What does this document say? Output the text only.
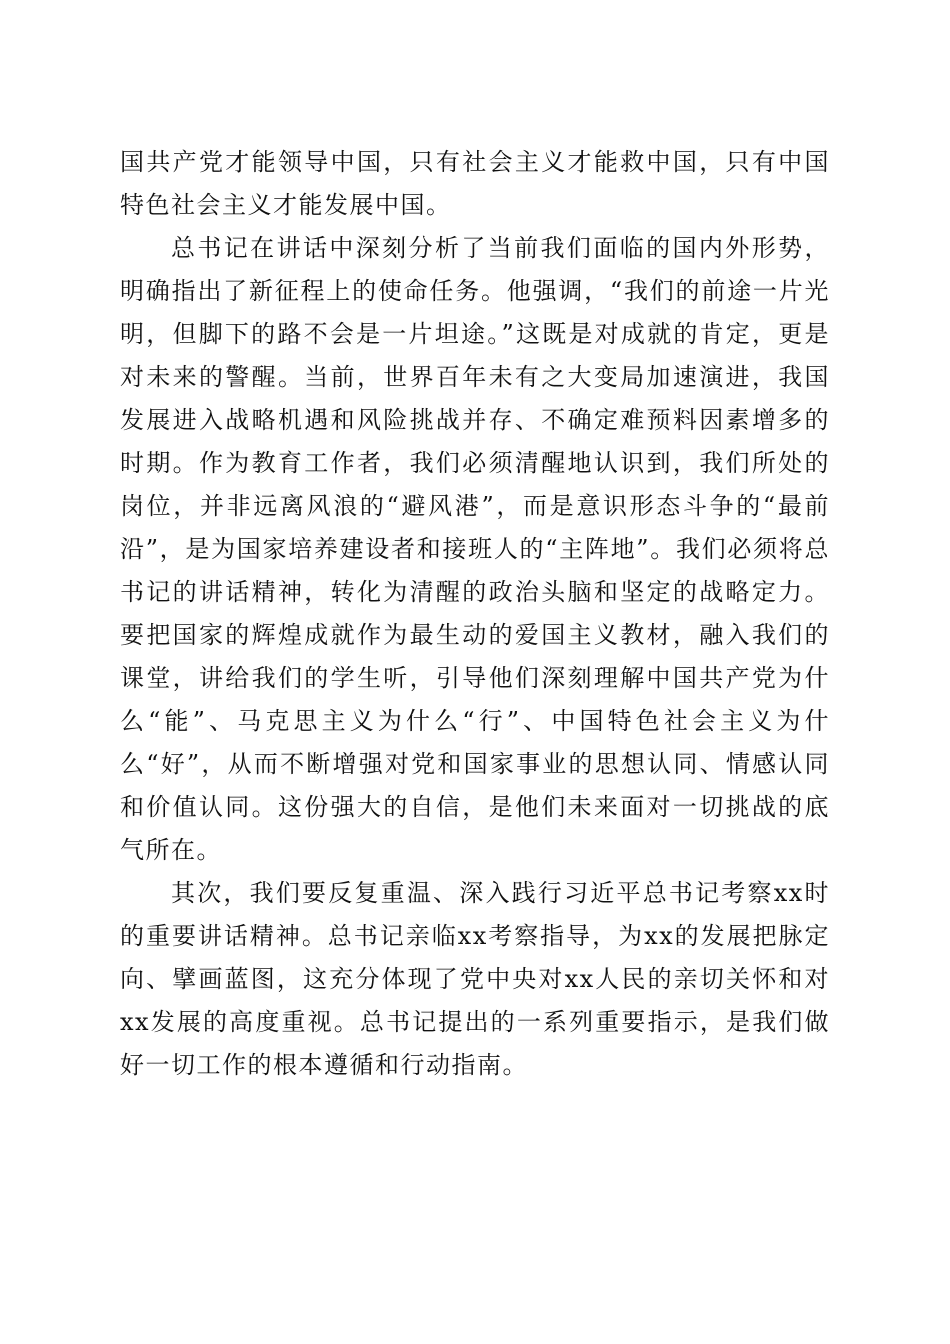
国共产党才能领导中国，只有社会主义才能救中国，只有中国特色社会主义才能发展中国。

总书记在讲话中深刻分析了当前我们面临的国内外形势，明确指出了新征程上的使命任务。他强调，“我们的前途一片光明，但脚下的路不会是一片坦途。”这既是对成就的肯定，更是对未来的警醒。当前，世界百年未有之大变局加速演进，我国发展进入战略机遇和风险挑战并存、不确定难预料因素增多的时期。作为教育工作者，我们必须清醒地认识到，我们所处的岗位，并非远离风浪的“避风港”，而是意识形态斗争的“最前沿”，是为国家培养建设者和接班人的“主阵地”。我们必须将总书记的讲话精神，转化为清醒的政治头脑和坚定的战略定力。要把国家的辉煌成就作为最生动的爱国主义教材，融入我们的课堂，讲给我们的学生听，引导他们深刻理解中国共产党为什么“能”、马克思主义为什么“行”、中国特色社会主义为什么“好”，从而不断增强对党和国家事业的思想认同、情感认同和价值认同。这份强大的自信，是他们未来面对一切挑战的底气所在。

其次，我们要反复重温、深入践行习近平总书记考察xx时的重要讲话精神。总书记亲临xx考察指导，为xx的发展把脉定向、擘画蓝图，这充分体现了党中央对xx人民的亲切关怀和对xx发展的高度重视。总书记提出的一系列重要指示，是我们做好一切工作的根本遵循和行动指南。
